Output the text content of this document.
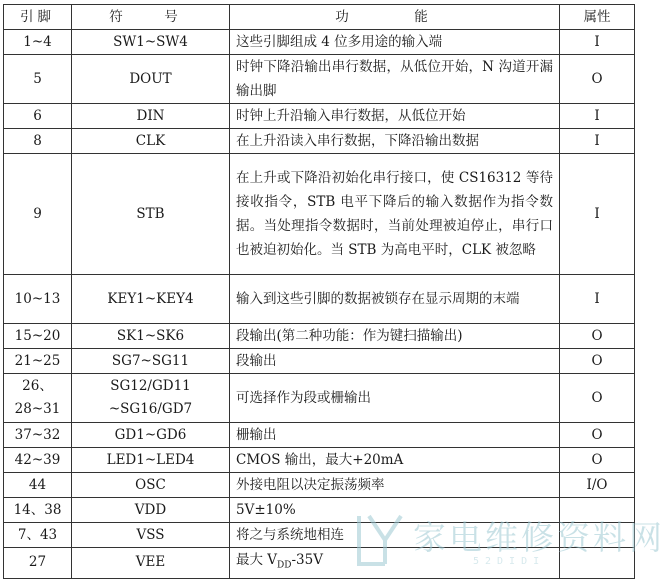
引脚	符　号	功　能	属性
1~4	SW1~SW4	这些引脚组成 4 位多用途的输入端	I
5	DOUT	时钟下降沿输出串行数据，从低位开始，N 沟道开漏输出脚	O
6	DIN	时钟上升沿输入串行数据，从低位开始	I
8	CLK	在上升沿读入串行数据，下降沿输出数据	I
9	STB	在上升或下降沿初始化串行接口，使 CS16312 等待接收指令，STB 电平下降后的输入数据作为指令数据。当处理指令数据时，当前处理被迫停止，串行口也被迫初始化。当 STB 为高电平时，CLK 被忽略	I
10~13	KEY1~KEY4	输入到这些引脚的数据被锁存在显示周期的末端	I
15~20	SK1~SK6	段输出(第二种功能：作为键扫描输出)	O
21~25	SG7~SG11	段输出	O
26、28~31	SG12/GD11 ~SG16/GD7	可选择作为段或栅输出	O
37~32	GD1~GD6	栅输出	O
42~39	LED1~LED4	CMOS 输出，最大+20mA	O
44	OSC	外接电阻以决定振荡频率	I/O
14、38	VDD	5V±10%	
7、43	VSS	将之与系统地相连	
27	VEE	最大 $V_{DD}-35V$	
家电维修资料网
52DIDI
